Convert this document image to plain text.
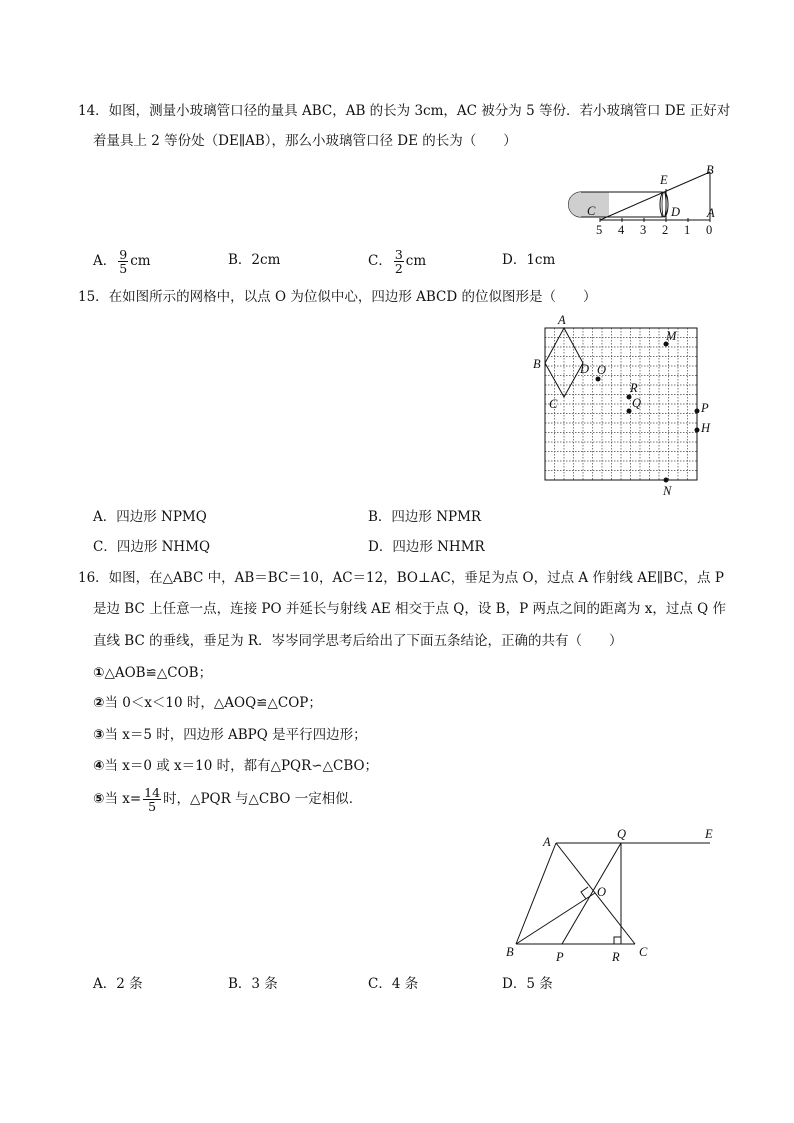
14．如图，测量小玻璃管口径的量具 ABC，AB 的长为 3cm，AC 被分为 5 等份．若小玻璃管口 DE 正好对
着量具上 2 等份处（DE∥AB），那么小玻璃管口径 DE 的长为（　　）
E
B
C	D A
5 4 3 2 1 0
A． $\frac{9}{5}$ cm	B．2cm	C． $\frac{3}{2}$ cm	D．1cm
15．在如图所示的网格中，以点 O 为位似中心，四边形 ABCD 的位似图形是（　　）
A
B	D O
C
M
R
Q	P
H
N
A．四边形 NPMQ	B．四边形 NPMR
C．四边形 NHMQ	D．四边形 NHMR
16．如图，在△ABC 中，AB＝BC＝10，AC＝12，BO⊥AC，垂足为点 O，过点 A 作射线 AE∥BC，点 P
是边 BC 上任意一点，连接 PO 并延长与射线 AE 相交于点 Q，设 B，P 两点之间的距离为 x，过点 Q 作
直线 BC 的垂线，垂足为 R．岑岑同学思考后给出了下面五条结论，正确的共有（　　）
①△AOB≌△COB；
②当 0＜x＜10 时，△AOQ≌△COP；
③当 x＝5 时，四边形 ABPQ 是平行四边形；
④当 x＝0 或 x＝10 时，都有△PQR∽△CBO；
⑤当 $x= \frac{14}{5}$ 时，△PQR 与△CBO 一定相似．
A
Q	E
O
B	P	R C
A．2 条	B．3 条	C．4 条	D．5 条
